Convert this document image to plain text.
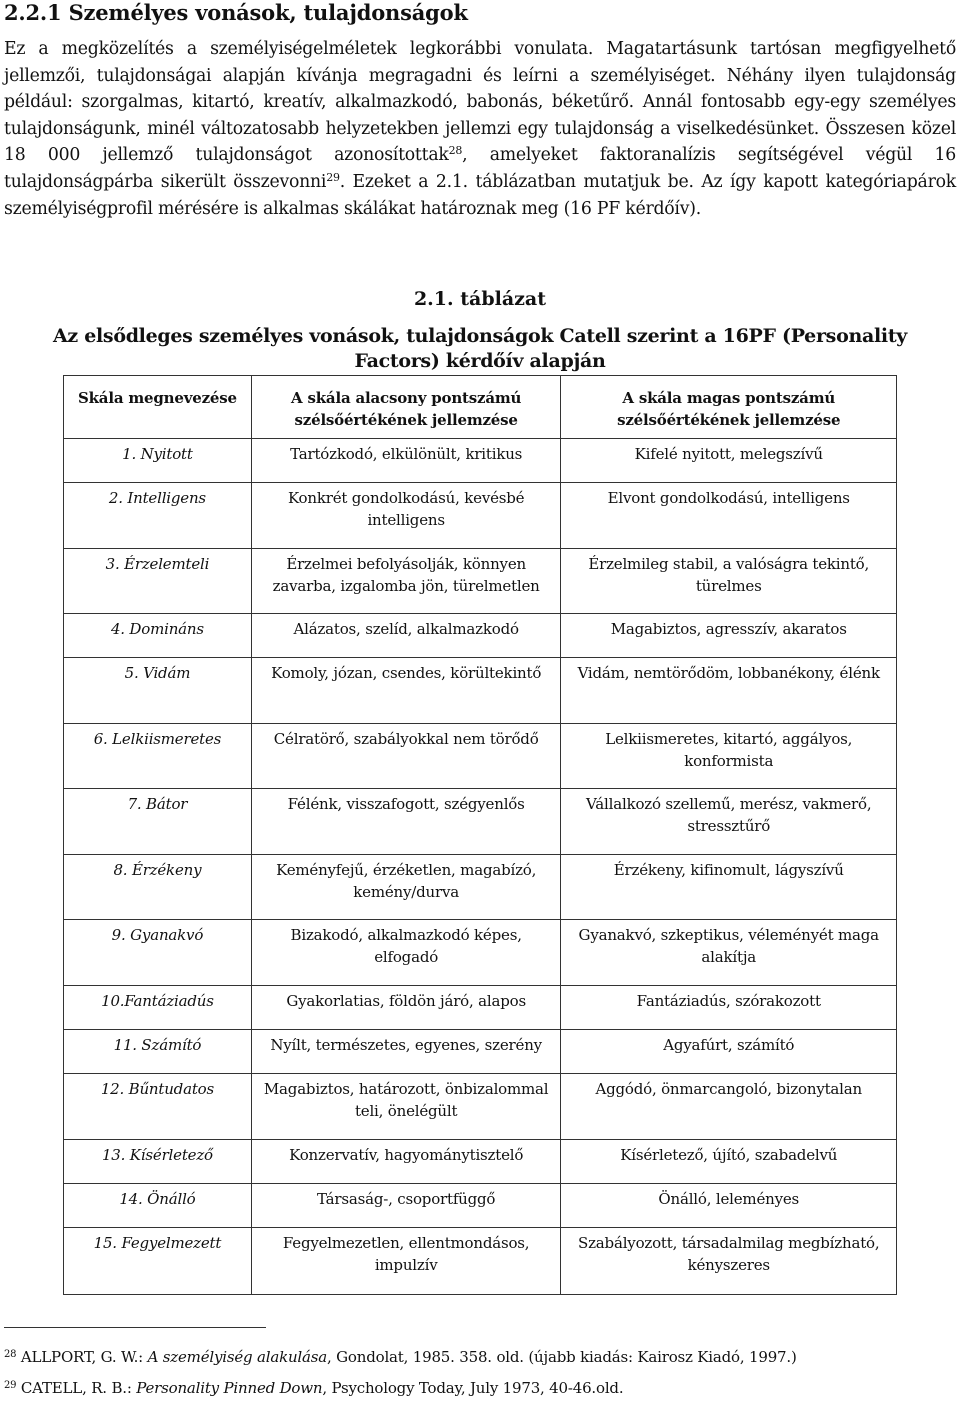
2.2.1 Személyes vonások, tulajdonságok

Ez a megközelítés a személyiségelméletek legkorábbi vonulata. Magatartásunk tartósan megfigyelhető jellemzői, tulajdonságai alapján kívánja megragadni és leírni a személyiséget. Néhány ilyen tulajdonság például: szorgalmas, kitartó, kreatív, alkalmazkodó, babonás, béketűrő. Annál fontosabb egy-egy személyes tulajdonságunk, minél változatosabb helyzetekben jellemzi egy tulajdonság a viselkedésünket. Összesen közel 18 000 jellemző tulajdonságot azonosítottak$^{28}$, amelyeket faktoranalízis segítségével végül 16 tulajdonságpárba sikerült összevonni$^{29}$. Ezeket a 2.1. táblázatban mutatjuk be. Az így kapott kategóriapárok személyiségprofil mérésére is alkalmas skálákat határoznak meg (16 PF kérdőív).

2.1. táblázat
Az elsődleges személyes vonások, tulajdonságok Catell szerint a 16PF (Personality Factors) kérdőív alapján
Skála megnevezése	A skála alacsony pontszámú szélsőértékének jellemzése	A skála magas pontszámú szélsőértékének jellemzése
1. Nyitott	Tartózkodó, elkülönült, kritikus	Kifelé nyitott, melegszívű
2. Intelligens	Konkrét gondolkodású, kevésbé intelligens	Elvont gondolkodású, intelligens
3. Érzelemteli	Érzelmei befolyásolják, könnyen zavarba, izgalomba jön, türelmetlen	Érzelmileg stabil, a valóságra tekintő, türelmes
4. Domináns	Alázatos, szelíd, alkalmazkodó	Magabiztos, agresszív, akaratos
5. Vidám	Komoly, józan, csendes, körültekintő	Vidám, nemtörődöm, lobbanékony, élénk
6. Lelkiismeretes	Célratörő, szabályokkal nem törődő	Lelkiismeretes, kitartó, aggályos, konformista
7. Bátor	Félénk, visszafogott, szégyenlős	Vállalkozó szellemű, merész, vakmerő, stressztűrő
8. Érzékeny	Keményfejű, érzéketlen, magabízó, kemény/durva	Érzékeny, kifinomult, lágyszívű
9. Gyanakvó	Bizakodó, alkalmazkodó képes, elfogadó	Gyanakvó, szkeptikus, véleményét maga alakítja
10.Fantáziadús	Gyakorlatias, földön járó, alapos	Fantáziadús, szórakozott
11. Számító	Nyílt, természetes, egyenes, szerény	Agyafúrt, számító
12. Bűntudatos	Magabiztos, határozott, önbizalommal teli, önelégült	Aggódó, önmarcangoló, bizonytalan
13. Kísérletező	Konzervatív, hagyománytisztelő	Kísérletező, újító, szabadelvű
14. Önálló	Társaság-, csoportfüggő	Önálló, leleményes
15. Fegyelmezett	Fegyelmezetlen, ellentmondásos, impulzív	Szabályozott, társadalmilag megbízható, kényszeres
$^{28}$ ALLPORT, G. W.: A személyiség alakulása, Gondolat, 1985. 358. old. (újabb kiadás: Kairosz Kiadó, 1997.)
$^{29}$ CATELL, R. B.: Personality Pinned Down, Psychology Today, July 1973, 40-46.old.
